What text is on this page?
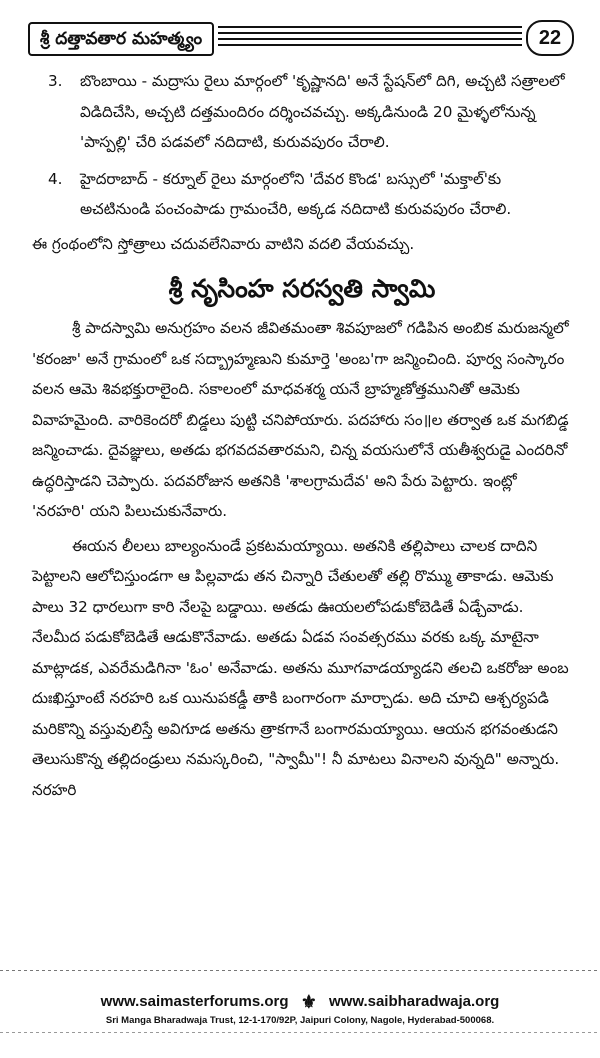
శ్రీ దత్తావతార మహత్మ్యం	22
3. బొంబాయి - మద్రాసు రైలు మార్గంలో 'కృష్ణానది' అనే స్టేషన్‌లో దిగి, అచ్చటి సత్రాలలో విడిదిచేసి, అచ్చటి దత్తమందిరం దర్శించవచ్చు. అక్కడినుండి 20 మైళ్ళలోనున్న 'పాస్పల్లి' చేరి పడవలో నదిదాటి, కురువపురం చేరాలి.
4. హైదరాబాద్ - కర్నూల్ రైలు మార్గంలోని 'దేవర కొండ' బస్సులో 'మక్తాల్'కు అచటినుండి పంచంపాడు గ్రామంచేరి, అక్కడ నదిదాటి కురువపురం చేరాలి.

ఈ గ్రంథంలోని స్తోత్రాలు చదువలేనివారు వాటిని వదలి వేయవచ్చు.

శ్రీ నృసింహ సరస్వతి స్వామి

శ్రీ పాదస్వామి అనుగ్రహం వలన జీవితమంతా శివపూజలో గడిపిన అంబిక మరుజన్మలో 'కరంజా' అనే గ్రామంలో ఒక సద్బ్రాహ్మణుని కుమార్తె 'అంబ'గా జన్మించింది. పూర్వ సంస్కారం వలన ఆమె శివభక్తురాలైంది. సకాలంలో మాధవశర్మ యనే బ్రాహ్మణోత్తమునితో ఆమెకు వివాహమైంది. వారికెందరో బిడ్డలు పుట్టి చనిపోయారు. పదహారు సం॥ల తర్వాత ఒక మగబిడ్డ జన్మించాడు. దైవజ్ఞులు, అతడు భగవదవతారమని, చిన్న వయసులోనే యతీశ్వరుడై ఎందరినో ఉద్ధరిస్తాడని చెప్పారు. పదవరోజున అతనికి 'శాలగ్రామదేవ' అని పేరు పెట్టారు. ఇంట్లో 'నరహరి' యని పిలుచుకునేవారు.

ఈయన లీలలు బాల్యంనుండే ప్రకటమయ్యాయి. అతనికి తల్లిపాలు చాలక దాదిని పెట్టాలని ఆలోచిస్తుండగా ఆ పిల్లవాడు తన చిన్నారి చేతులతో తల్లి రొమ్ము తాకాడు. ఆమెకు పాలు 32 ధారలుగా కారి నేలపై బడ్డాయి. అతడు ఊయలలోపడుకోబెడితే ఏడ్చేవాడు. నేలమీద పడుకోబెడితే ఆడుకొనేవాడు. అతడు ఏడవ సంవత్సరము వరకు ఒక్క మాటైనా మాట్లాడక, ఎవరేమడిగినా 'ఓం' అనేవాడు. అతను మూగవాడయ్యాడని తలచి ఒకరోజు అంబ దుఃఖిస్తూంటే నరహరి ఒక యినుపకడ్డీ తాకి బంగారంగా మార్చాడు. అది చూచి ఆశ్చర్యపడి మరికొన్ని వస్తువులిస్తే అవిగూడ అతను త్రాకగానే బంగారమయ్యాయి. ఆయన భగవంతుడని తెలుసుకొన్న తల్లిదండ్రులు నమస్కరించి, "స్వామీ"! నీ మాటలు వినాలని వున్నది" అన్నారు. నరహరి

www.saimasterforums.org ⚜ www.saibharadwaja.org
Sri Manga Bharadwaja Trust, 12-1-170/92P, Jaipuri Colony, Nagole, Hyderabad-500068.
